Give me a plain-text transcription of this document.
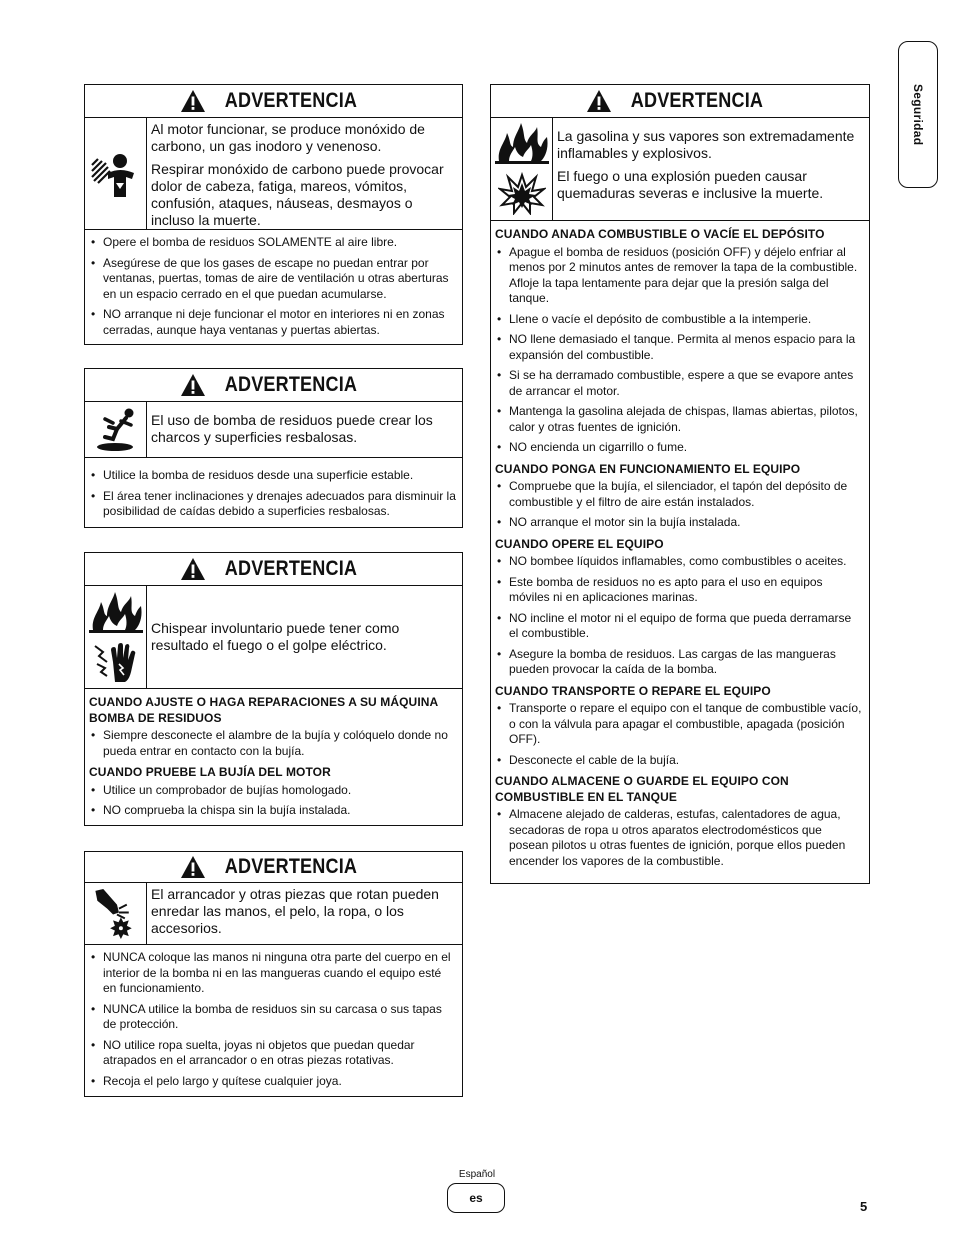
Seguridad
ADVERTENCIA

Al motor funcionar, se produce monóxido de carbono, un gas inodoro y venenoso.

Respirar monóxido de carbono puede provocar dolor de cabeza, fatiga, mareos, vómitos, confusión, ataques, náuseas, desmayos o incluso la muerte.

• Opere el bomba de residuos SOLAMENTE al aire libre.
• Asegúrese de que los gases de escape no puedan entrar por ventanas, puertas, tomas de aire de ventilación u otras aberturas en un espacio cerrado en el que puedan acumularse.
• NO arranque ni deje funcionar el motor en interiores ni en zonas cerradas, aunque haya ventanas y puertas abiertas.
ADVERTENCIA

El uso de bomba de residuos puede crear los charcos y superficies resbalosas.

• Utilice la bomba de residuos desde una superficie estable.
• El área tener inclinaciones y drenajes adecuados para disminuir la posibilidad de caídas debido a superficies resbalosas.
ADVERTENCIA

Chispear involuntario puede tener como resultado el fuego o el golpe eléctrico.

CUANDO AJUSTE O HAGA REPARACIONES A SU MÁQUINA BOMBA DE RESIDUOS
• Siempre desconecte el alambre de la bujía y colóquelo donde no pueda entrar en contacto con la bujía.
CUANDO PRUEBE LA BUJÍA DEL MOTOR
• Utilice un comprobador de bujías homologado.
• NO comprueba la chispa sin la bujía instalada.
ADVERTENCIA

El arrancador y otras piezas que rotan pueden enredar las manos, el pelo, la ropa, o los accesorios.

• NUNCA coloque las manos ni ninguna otra parte del cuerpo en el interior de la bomba ni en las mangueras cuando el equipo esté en funcionamiento.
• NUNCA utilice la bomba de residuos sin su carcasa o sus tapas de protección.
• NO utilice ropa suelta, joyas ni objetos que puedan quedar atrapados en el arrancador o en otras piezas rotativas.
• Recoja el pelo largo y quítese cualquier joya.
ADVERTENCIA

La gasolina y sus vapores son extremadamente inflamables y explosivos.

El fuego o una explosión pueden causar quemaduras severas e inclusive la muerte.

CUANDO ANADA COMBUSTIBLE O VACÍE EL DEPÓSITO
• Apague el bomba de residuos (posición OFF) y déjelo enfriar al menos por 2 minutos antes de remover la tapa de la combustible. Afloje la tapa lentamente para dejar que la presión salga del tanque.
• Llene o vacíe el depósito de combustible a la intemperie.
• NO llene demasiado el tanque. Permita al menos espacio para la expansión del combustible.
• Si se ha derramado combustible, espere a que se evapore antes de arrancar el motor.
• Mantenga la gasolina alejada de chispas, llamas abiertas, pilotos, calor y otras fuentes de ignición.
• NO encienda un cigarrillo o fume.
CUANDO PONGA EN FUNCIONAMIENTO EL EQUIPO
• Compruebe que la bujía, el silenciador, el tapón del depósito de combustible y el filtro de aire están instalados.
• NO arranque el motor sin la bujía instalada.
CUANDO OPERE EL EQUIPO
• NO bombee líquidos inflamables, como combustibles o aceites.
• Este bomba de residuos no es apto para el uso en equipos móviles ni en aplicaciones marinas.
• NO incline el motor ni el equipo de forma que pueda derramarse el combustible.
• Asegure la bomba de residuos. Las cargas de las mangueras pueden provocar la caída de la bomba.
CUANDO TRANSPORTE O REPARE EL EQUIPO
• Transporte o repare el equipo con el tanque de combustible vacío, o con la válvula para apagar el combustible, apagada (posición OFF).
• Desconecte el cable de la bujía.
CUANDO ALMACENE O GUARDE EL EQUIPO CON COMBUSTIBLE EN EL TANQUE
• Almacene alejado de calderas, estufas, calentadores de agua, secadoras de ropa u otros aparatos electrodomésticos que posean pilotos u otras fuentes de ignición, porque ellos pueden encender los vapores de la combustible.
Español
es
5
